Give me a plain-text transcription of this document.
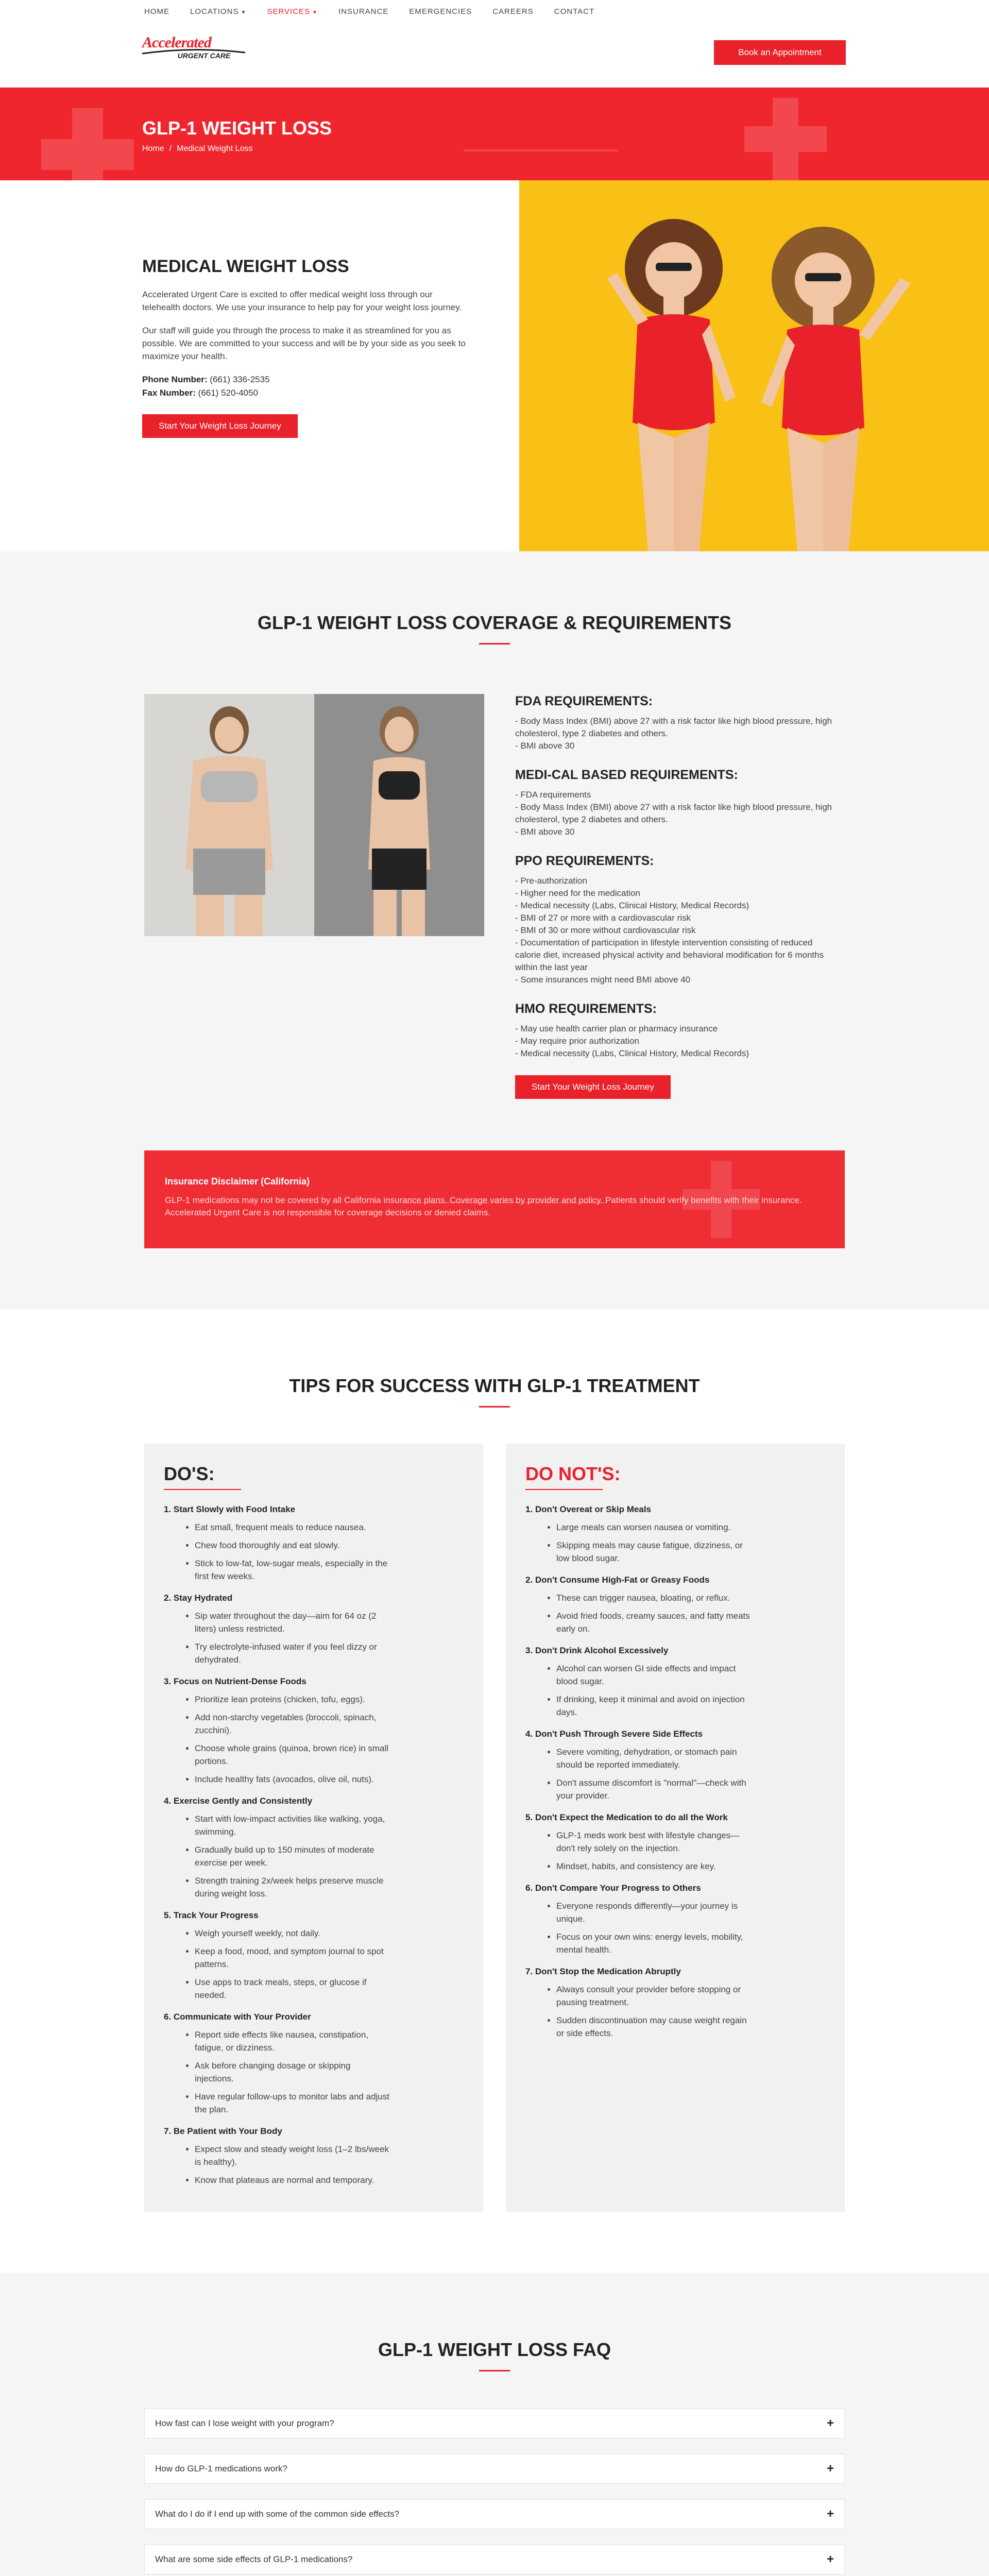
HOME	LOCATIONS ▼	SERVICES ▼	INSURANCE	EMERGENCIES	CAREERS	CONTACT
Accelerated
URGENT CARE	Book an Appointment
GLP-1 WEIGHT LOSS
Home / Medical Weight Loss
MEDICAL WEIGHT LOSS

Accelerated Urgent Care is excited to offer medical weight loss through our telehealth doctors. We use your insurance to help pay for your weight loss journey.

Our staff will guide you through the process to make it as streamlined for you as possible. We are committed to your success and will be by your side as you seek to maximize your health.

Phone Number: (661) 336-2535
Fax Number: (661) 520-4050
Start Your Weight Loss Journey
GLP-1 WEIGHT LOSS COVERAGE & REQUIREMENTS
FDA REQUIREMENTS:
- Body Mass Index (BMI) above 27 with a risk factor like high blood pressure, high
cholesterol, type 2 diabetes and others.
- BMI above 30
MEDI-CAL BASED REQUIREMENTS:
- FDA requirements
- Body Mass Index (BMI) above 27 with a risk factor like high blood pressure, high
cholesterol, type 2 diabetes and others.
- BMI above 30
PPO REQUIREMENTS:
- Pre-authorization
- Higher need for the medication
- Medical necessity (Labs, Clinical History, Medical Records)
- BMI of 27 or more with a cardiovascular risk
- BMI of 30 or more without cardiovascular risk
- Documentation of participation in lifestyle intervention consisting of reduced
calorie diet, increased physical activity and behavioral modification for 6 months
within the last year
- Some insurances might need BMI above 40
HMO REQUIREMENTS:
- May use health carrier plan or pharmacy insurance
- May require prior authorization
- Medical necessity (Labs, Clinical History, Medical Records)
Start Your Weight Loss Journey
Insurance Disclaimer (California)

GLP-1 medications may not be covered by all California insurance plans. Coverage varies by provider and policy. Patients should verify benefits with their insurance. Accelerated Urgent Care is not responsible for coverage decisions or denied claims.

TIPS FOR SUCCESS WITH GLP-1 TREATMENT
DO'S:
1. Start Slowly with Food Intake
• Eat small, frequent meals to reduce nausea.
• Chew food thoroughly and eat slowly.
• Stick to low-fat, low-sugar meals, especially in the first few weeks.
2. Stay Hydrated
• Sip water throughout the day—aim for 64 oz (2 liters) unless restricted.
• Try electrolyte-infused water if you feel dizzy or dehydrated.
3. Focus on Nutrient-Dense Foods
• Prioritize lean proteins (chicken, tofu, eggs).
• Add non-starchy vegetables (broccoli, spinach, zucchini).
• Choose whole grains (quinoa, brown rice) in small portions.
• Include healthy fats (avocados, olive oil, nuts).
4. Exercise Gently and Consistently
• Start with low-impact activities like walking, yoga, swimming.
• Gradually build up to 150 minutes of moderate exercise per week.
• Strength training 2x/week helps preserve muscle during weight loss.
5. Track Your Progress
• Weigh yourself weekly, not daily.
• Keep a food, mood, and symptom journal to spot patterns.
• Use apps to track meals, steps, or glucose if needed.
6. Communicate with Your Provider
• Report side effects like nausea, constipation, fatigue, or dizziness.
• Ask before changing dosage or skipping injections.
• Have regular follow-ups to monitor labs and adjust the plan.
7. Be Patient with Your Body
• Expect slow and steady weight loss (1–2 lbs/week is healthy).
• Know that plateaus are normal and temporary.
DO NOT'S:
1. Don't Overeat or Skip Meals
• Large meals can worsen nausea or vomiting.
• Skipping meals may cause fatigue, dizziness, or low blood sugar.
2. Don't Consume High-Fat or Greasy Foods
• These can trigger nausea, bloating, or reflux.
• Avoid fried foods, creamy sauces, and fatty meats early on.
3. Don't Drink Alcohol Excessively
• Alcohol can worsen GI side effects and impact blood sugar.
• If drinking, keep it minimal and avoid on injection days.
4. Don't Push Through Severe Side Effects
• Severe vomiting, dehydration, or stomach pain should be reported immediately.
• Don't assume discomfort is "normal"—check with your provider.
5. Don't Expect the Medication to do all the Work
• GLP-1 meds work best with lifestyle changes—don't rely solely on the injection.
• Mindset, habits, and consistency are key.
6. Don't Compare Your Progress to Others
• Everyone responds differently—your journey is unique.
• Focus on your own wins: energy levels, mobility, mental health.
7. Don't Stop the Medication Abruptly
• Always consult your provider before stopping or pausing treatment.
• Sudden discontinuation may cause weight regain or side effects.
GLP-1 WEIGHT LOSS FAQ
How fast can I lose weight with your program?	+
How do GLP-1 medications work?	+
What do I do if I end up with some of the common side effects?	+
What are some side effects of GLP-1 medications?	+
